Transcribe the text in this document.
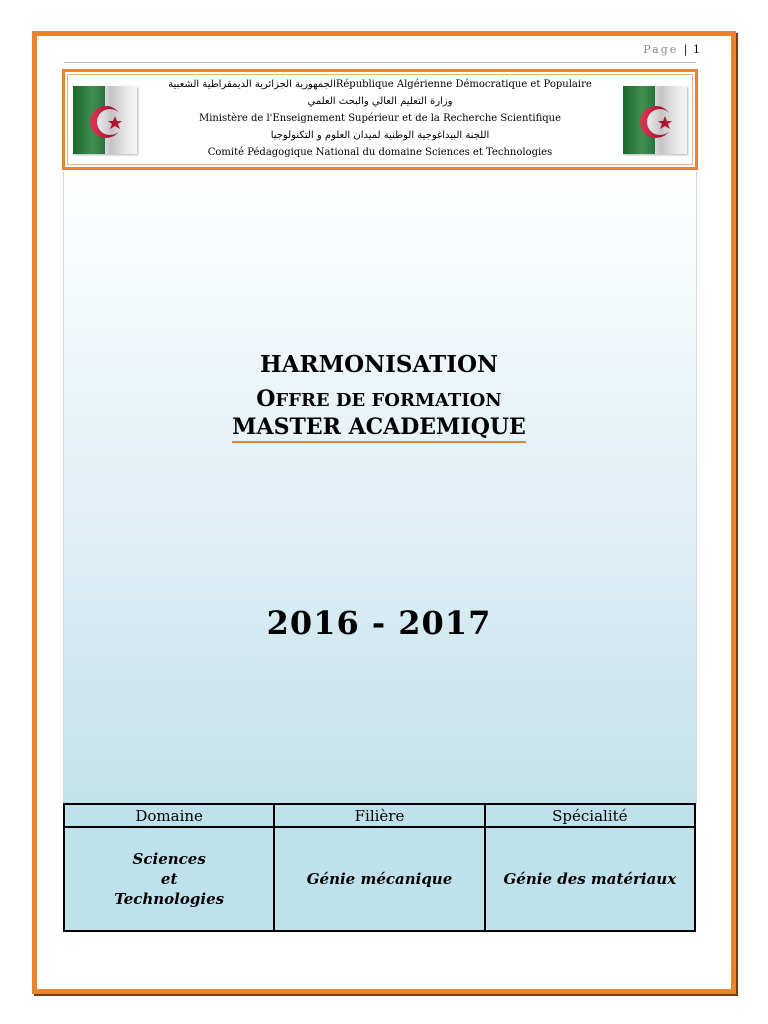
Page | 1
الجمهورية الجزائرية الديمقراطية الشعبيةRépublique Algérienne Démocratique et Populaire
وزارة التعليم العالي والبحث العلمي
Ministère de l'Enseignement Supérieur et de la Recherche Scientifique
اللجنة البيداغوجية الوطنية لميدان العلوم و التكنولوجيا
Comité Pédagogique National du domaine Sciences et Technologies
HARMONISATION
OFFRE DE FORMATION
MASTER ACADEMIQUE
2016 - 2017
Domaine	Filière	Spécialité

Sciences
et
Technologies	Génie mécanique	Génie des matériaux
